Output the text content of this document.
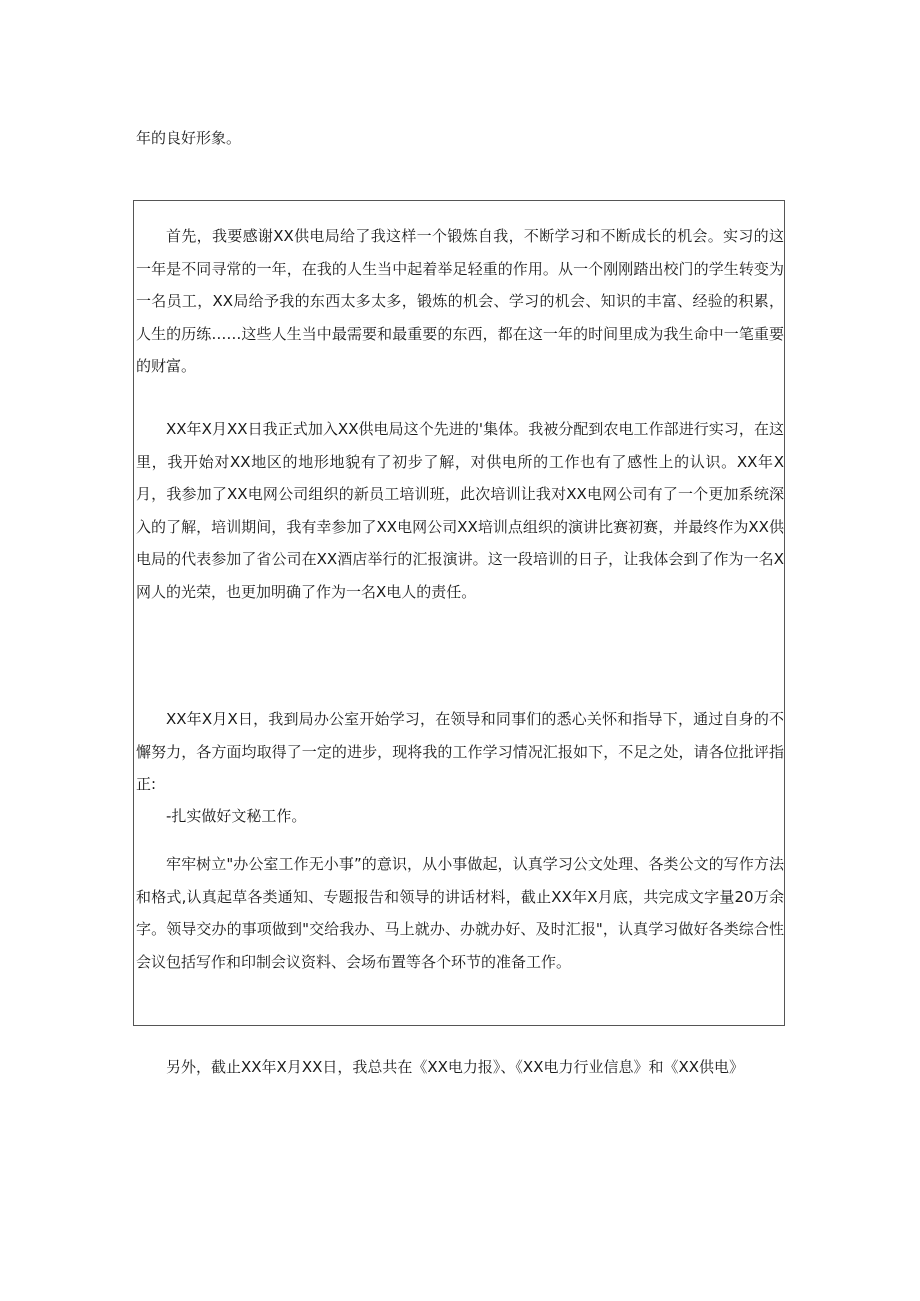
年的良好形象。

首先，我要感谢XX供电局给了我这样一个锻炼自我，不断学习和不断成长的机会。实习的这一年是不同寻常的一年，在我的人生当中起着举足轻重的作用。从一个刚刚踏出校门的学生转变为一名员工，XX局给予我的东西太多太多，锻炼的机会、学习的机会、知识的丰富、经验的积累，人生的历练……这些人生当中最需要和最重要的东西，都在这一年的时间里成为我生命中一笔重要的财富。

XX年X月XX日我正式加入XX供电局这个先进的'集体。我被分配到农电工作部进行实习，在这里，我开始对XX地区的地形地貌有了初步了解，对供电所的工作也有了感性上的认识。XX年X月，我参加了XX电网公司组织的新员工培训班，此次培训让我对XX电网公司有了一个更加系统深入的了解，培训期间，我有幸参加了XX电网公司XX培训点组织的演讲比赛初赛，并最终作为XX供电局的代表参加了省公司在XX酒店举行的汇报演讲。这一段培训的日子，让我体会到了作为一名X网人的光荣，也更加明确了作为一名X电人的责任。

XX年X月X日，我到局办公室开始学习，在领导和同事们的悉心关怀和指导下，通过自身的不懈努力，各方面均取得了一定的进步，现将我的工作学习情况汇报如下，不足之处，请各位批评指正:

-扎实做好文秘工作。

牢牢树立"办公室工作无小事”的意识，从小事做起，认真学习公文处理、各类公文的写作方法和格式,认真起草各类通知、专题报告和领导的讲话材料，截止XX年X月底，共完成文字量20万余字。领导交办的事项做到"交给我办、马上就办、办就办好、及时汇报"，认真学习做好各类综合性会议包括写作和印制会议资料、会场布置等各个环节的准备工作。

另外，截止XX年X月XX日，我总共在《XX电力报》、《XX电力行业信息》和《XX供电》
